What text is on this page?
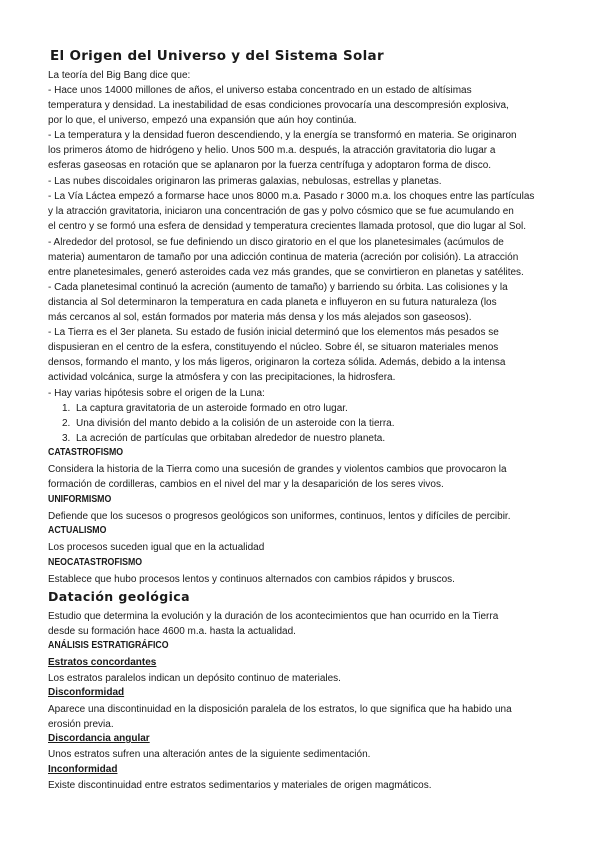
El Origen del Universo y del Sistema Solar
La teoría del Big Bang dice que:
- Hace unos 14000 millones de años, el universo estaba concentrado en un estado de altísimas
temperatura y densidad. La inestabilidad de esas condiciones provocaría una descompresión explosiva,
por lo que, el universo, empezó una expansión que aún hoy continúa.
- La temperatura y la densidad fueron descendiendo, y la energía se transformó en materia. Se originaron
los primeros átomo de hidrógeno y helio. Unos 500 m.a. después, la atracción gravitatoria dio lugar a
esferas gaseosas en rotación que se aplanaron por la fuerza centrífuga y adoptaron forma de disco.
- Las nubes discoidales originaron las primeras galaxias, nebulosas, estrellas y planetas.
- La Vía Láctea empezó a formarse hace unos 8000 m.a. Pasado r 3000 m.a. los choques entre las partículas
y la atracción gravitatoria, iniciaron una concentración de gas y polvo cósmico que se fue acumulando en
el centro y se formó una esfera de densidad y temperatura crecientes llamada protosol, que dio lugar al Sol.
- Alrededor del protosol, se fue definiendo un disco giratorio en el que los planetesimales (acúmulos de
materia) aumentaron de tamaño por una adicción continua de materia (acreción por colisión). La atracción
entre planetesimales, generó asteroides cada vez más grandes, que se convirtieron en planetas y satélites.
- Cada planetesimal continuó la acreción (aumento de tamaño) y barriendo su órbita. Las colisiones y la
distancia al Sol determinaron la temperatura en cada planeta e influyeron en su futura naturaleza (los
más cercanos al sol, están formados por materia más densa y los más alejados son gaseosos).
- La Tierra es el 3er planeta. Su estado de fusión inicial determinó que los elementos más pesados se
dispusieran en el centro de la esfera, constituyendo el núcleo. Sobre él, se situaron materiales menos
densos, formando el manto, y los más ligeros, originaron la corteza sólida. Además, debido a la intensa
actividad volcánica, surge la atmósfera y con las precipitaciones, la hidrosfera.
- Hay varias hipótesis sobre el origen de la Luna:
1. La captura gravitatoria de un asteroide formado en otro lugar.
2. Una división del manto debido a la colisión de un asteroide con la tierra.
3. La acreción de partículas que orbitaban alrededor de nuestro planeta.
CATASTROFISMO
Considera la historia de la Tierra como una sucesión de grandes y violentos cambios que provocaron la
formación de cordilleras, cambios en el nivel del mar y la desaparición de los seres vivos.
UNIFORMISMO
Defiende que los sucesos o progresos geológicos son uniformes, continuos, lentos y difíciles de percibir.
ACTUALISMO
Los procesos suceden igual que en la actualidad
NEOCATASTROFISMO
Establece que hubo procesos lentos y continuos alternados con cambios rápidos y bruscos.
Datación geológica
Estudio que determina la evolución y la duración de los acontecimientos que han ocurrido en la Tierra
desde su formación hace 4600 m.a. hasta la actualidad.
ANÁLISIS ESTRATIGRÁFICO
Estratos concordantes
Los estratos paralelos indican un depósito continuo de materiales.
Disconformidad
Aparece una discontinuidad en la disposición paralela de los estratos, lo que significa que ha habido una
erosión previa.
Discordancia angular
Unos estratos sufren una alteración antes de la siguiente sedimentación.
Inconformidad
Existe discontinuidad entre estratos sedimentarios y materiales de origen magmáticos.
